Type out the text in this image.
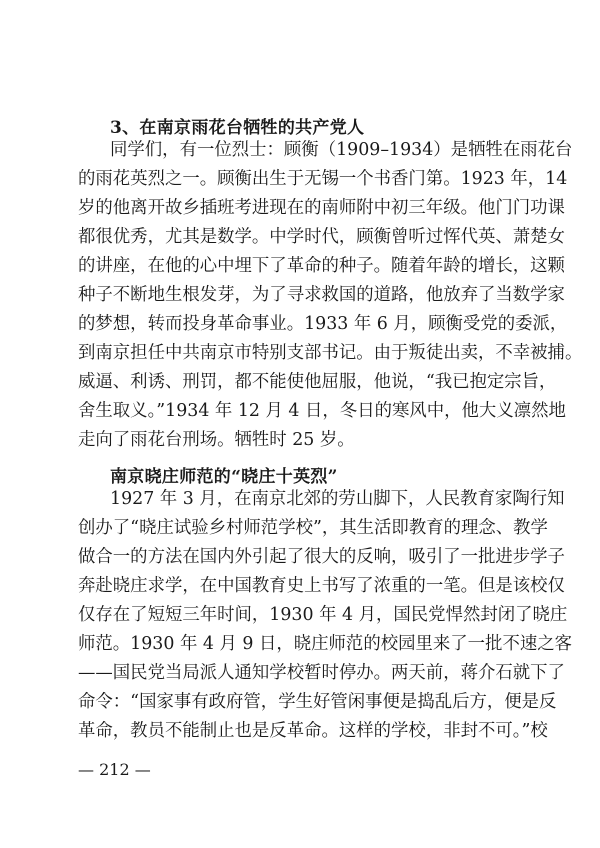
3、在南京雨花台牺牲的共产党人
同学们，有一位烈士：顾衡（1909–1934）是牺牲在雨花台
的雨花英烈之一。顾衡出生于无锡一个书香门第。1923 年，14
岁的他离开故乡插班考进现在的南师附中初三年级。他门门功课
都很优秀，尤其是数学。中学时代，顾衡曾听过恽代英、萧楚女
的讲座，在他的心中埋下了革命的种子。随着年龄的增长，这颗
种子不断地生根发芽，为了寻求救国的道路，他放弃了当数学家
的梦想，转而投身革命事业。1933 年 6 月，顾衡受党的委派，
到南京担任中共南京市特别支部书记。由于叛徒出卖，不幸被捕。
威逼、利诱、刑罚，都不能使他屈服，他说，“我已抱定宗旨，
舍生取义。”1934 年 12 月 4 日，冬日的寒风中，他大义凛然地
走向了雨花台刑场。牺牲时 25 岁。
南京晓庄师范的“晓庄十英烈”
1927 年 3 月，在南京北郊的劳山脚下，人民教育家陶行知
创办了“晓庄试验乡村师范学校”，其生活即教育的理念、教学
做合一的方法在国内外引起了很大的反响，吸引了一批进步学子
奔赴晓庄求学，在中国教育史上书写了浓重的一笔。但是该校仅
仅存在了短短三年时间，1930 年 4 月，国民党悍然封闭了晓庄
师范。1930 年 4 月 9 日，晓庄师范的校园里来了一批不速之客
——国民党当局派人通知学校暂时停办。两天前，蒋介石就下了
命令：“国家事有政府管，学生好管闲事便是捣乱后方，便是反
革命，教员不能制止也是反革命。这样的学校，非封不可。”校
— 212 —
